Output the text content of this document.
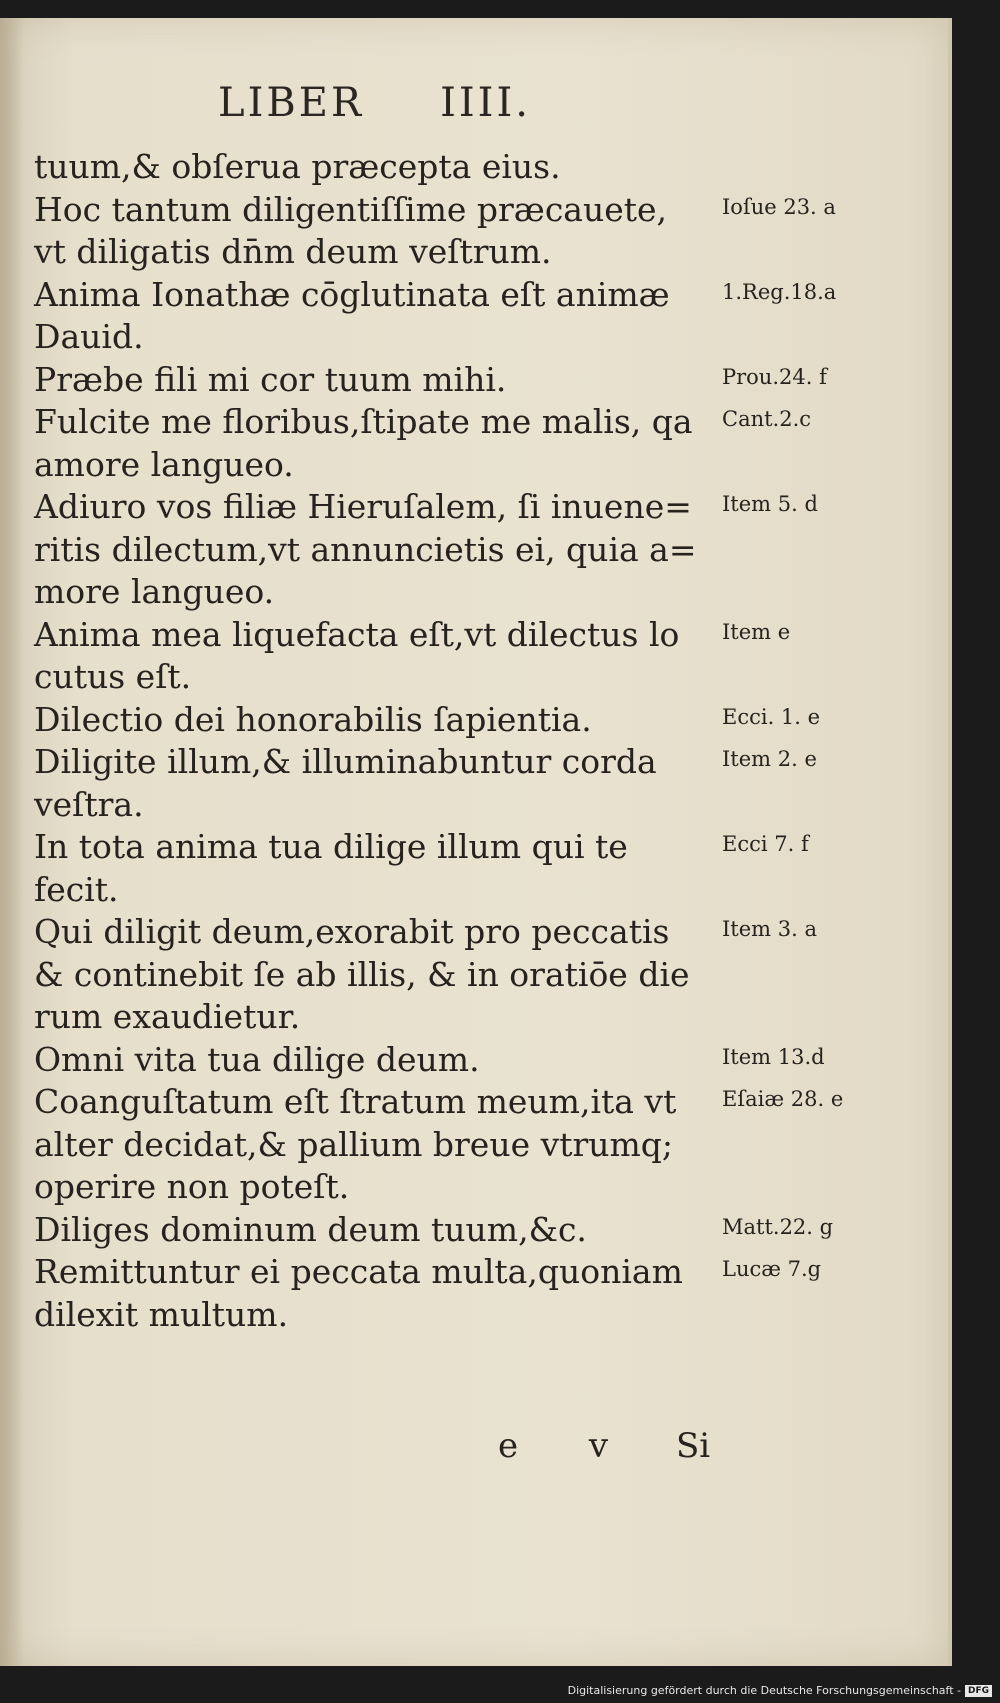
LIBER IIII.
tuum,& obſerua præcepta eius.
Hoc tantum diligentiſſime præcauete,
vt diligatis dn̄m deum veſtrum.
Anima Ionathæ cōglutinata eſt animæ
Dauid.
Præbe fili mi cor tuum mihi.
Fulcite me floribus,ſtipate me malis, qa
amore langueo.
Adiuro vos filiæ Hieruſalem, ſi inuene=
ritis dilectum,vt annuncietis ei, quia a=
more langueo.
Anima mea liquefacta eſt,vt dilectus lo
cutus eſt.
Dilectio dei honorabilis ſapientia.
Diligite illum,& illuminabuntur corda
veſtra.
In tota anima tua dilige illum qui te
fecit.
Qui diligit deum,exorabit pro peccatis
& continebit ſe ab illis, & in oratiōe die
rum exaudietur.
Omni vita tua dilige deum.
Coanguſtatum eſt ſtratum meum,ita vt
alter decidat,& pallium breue vtrumq;
operire non poteſt.
Diliges dominum deum tuum,&c.
Remittuntur ei peccata multa,quoniam
dilexit multum.
Ioſue 23. a
1.Reg.18.a
Prou.24. f
Cant.2.c
Item 5. d
Item e
Ecci. 1. e
Item 2. e
Ecci 7. f
Item 3. a
Item 13.d
Eſaiæ 28. e
Matt.22. g
Lucæ 7.g
e v Si
Digitalisierung gefördert durch die Deutsche Forschungsgemeinschaft - DFG
